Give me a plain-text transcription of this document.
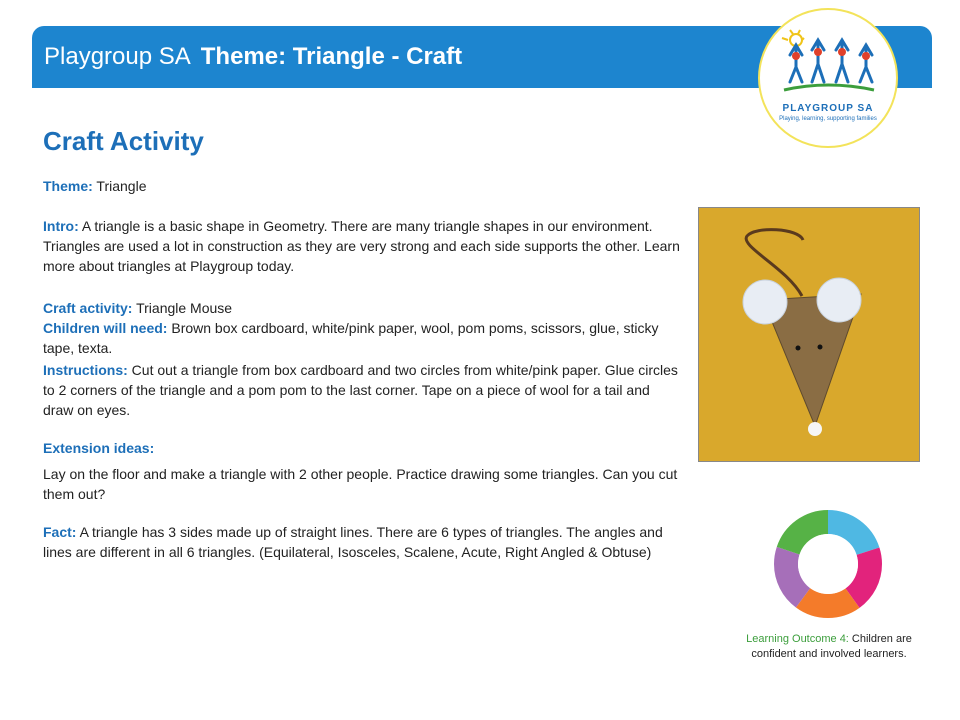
Playgroup SA Theme: Triangle - Craft
PLAYGROUP SA
Playing, learning, supporting families
Craft Activity

Theme: Triangle

Intro: A triangle is a basic shape in Geometry. There are many triangle shapes in our environment. Triangles are used a lot in construction as they are very strong and each side supports the other. Learn more about triangles at Playgroup today.

Craft activity: Triangle Mouse

Children will need: Brown box cardboard, white/pink paper, wool, pom poms, scissors, glue, sticky tape, texta.

Instructions: Cut out a triangle from box cardboard and two circles from white/pink paper. Glue circles to 2 corners of the triangle and a pom pom to the last corner. Tape on a piece of wool for a tail and draw on eyes.

Extension ideas:

Lay on the floor and make a triangle with 2 other people. Practice drawing some triangles. Can you cut them out?

Fact: A triangle has 3 sides made up of straight lines. There are 6 types of triangles. The angles and lines are different in all 6 triangles. (Equilateral, Isosceles, Scalene, Acute, Right Angled & Obtuse)

Learning Outcome 4: Children are confident and involved learners.
